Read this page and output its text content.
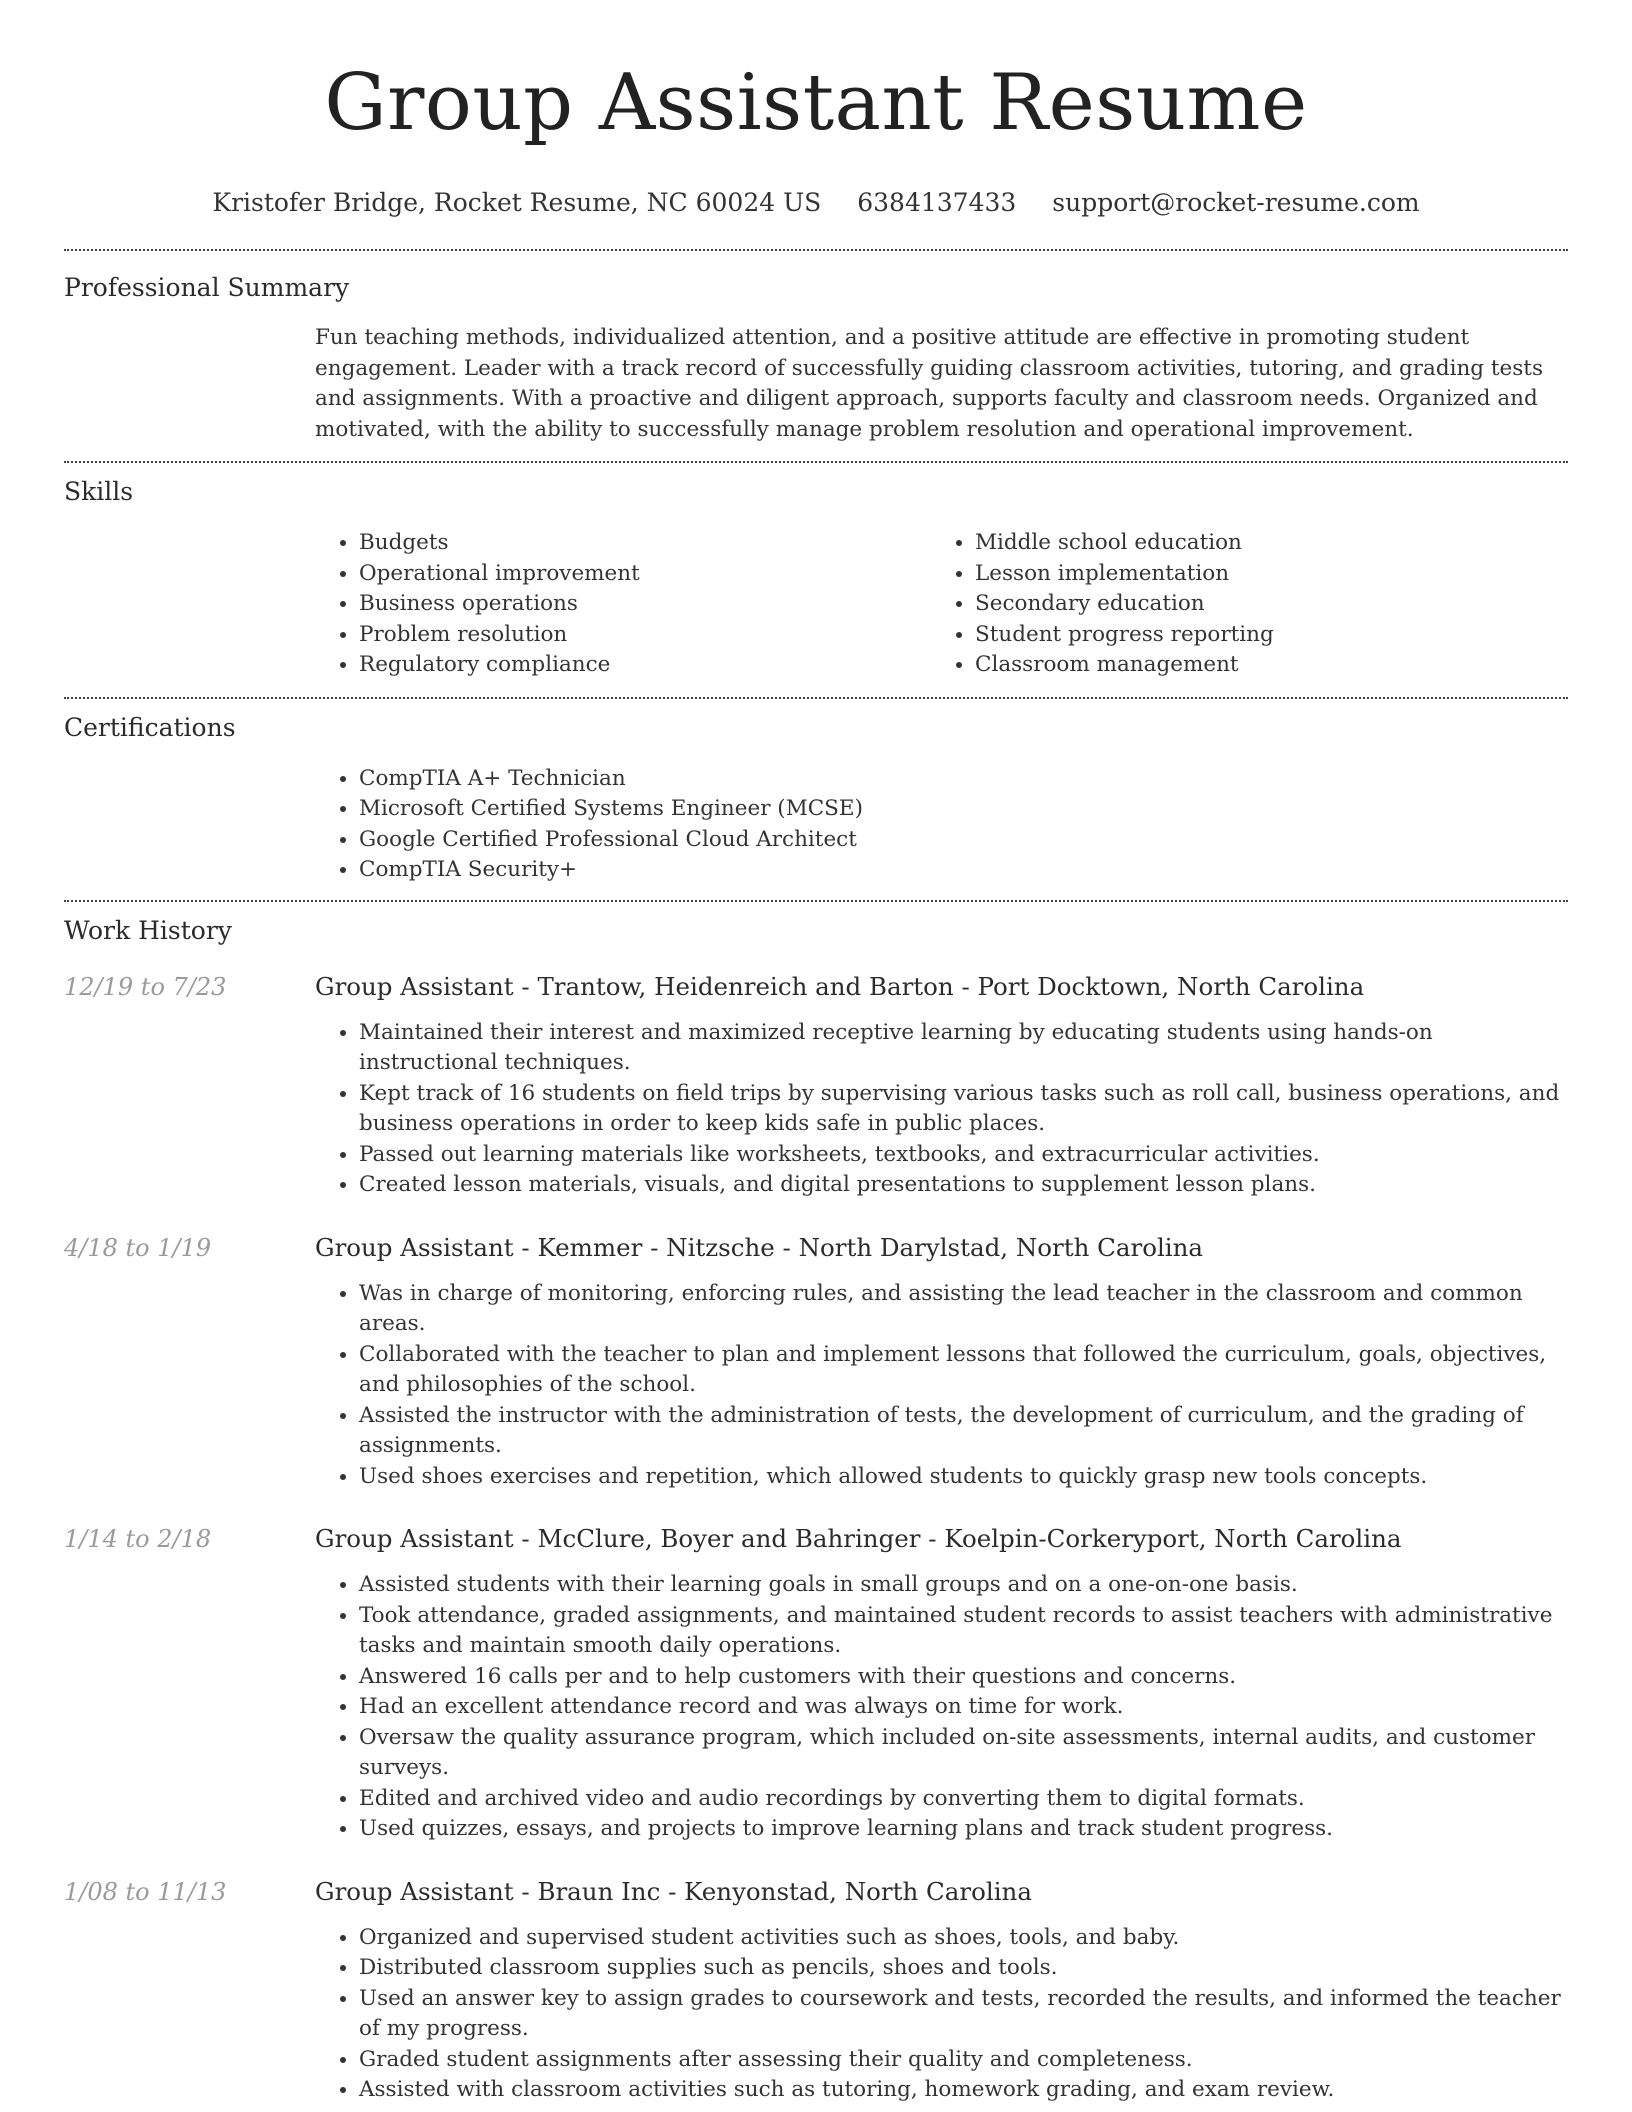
Group Assistant Resume
Kristofer Bridge, Rocket Resume, NC 60024 US 6384137433 support@rocket-resume.com
Professional Summary
Fun teaching methods, individualized attention, and a positive attitude are effective in promoting student engagement. Leader with a track record of successfully guiding classroom activities, tutoring, and grading tests and assignments. With a proactive and diligent approach, supports faculty and classroom needs. Organized and motivated, with the ability to successfully manage problem resolution and operational improvement.
Skills
• Budgets
• Operational improvement
• Business operations
• Problem resolution
• Regulatory compliance
• Middle school education
• Lesson implementation
• Secondary education
• Student progress reporting
• Classroom management
Certifications
• CompTIA A+ Technician
• Microsoft Certified Systems Engineer (MCSE)
• Google Certified Professional Cloud Architect
• CompTIA Security+
Work History
12/19 to 7/23	Group Assistant - Trantow, Heidenreich and Barton - Port Docktown, North Carolina
• Maintained their interest and maximized receptive learning by educating students using hands-on instructional techniques.
• Kept track of 16 students on field trips by supervising various tasks such as roll call, business operations, and business operations in order to keep kids safe in public places.
• Passed out learning materials like worksheets, textbooks, and extracurricular activities.
• Created lesson materials, visuals, and digital presentations to supplement lesson plans.
4/18 to 1/19	Group Assistant - Kemmer - Nitzsche - North Darylstad, North Carolina
• Was in charge of monitoring, enforcing rules, and assisting the lead teacher in the classroom and common areas.
• Collaborated with the teacher to plan and implement lessons that followed the curriculum, goals, objectives, and philosophies of the school.
• Assisted the instructor with the administration of tests, the development of curriculum, and the grading of assignments.
• Used shoes exercises and repetition, which allowed students to quickly grasp new tools concepts.
1/14 to 2/18	Group Assistant - McClure, Boyer and Bahringer - Koelpin-Corkeryport, North Carolina
• Assisted students with their learning goals in small groups and on a one-on-one basis.
• Took attendance, graded assignments, and maintained student records to assist teachers with administrative tasks and maintain smooth daily operations.
• Answered 16 calls per and to help customers with their questions and concerns.
• Had an excellent attendance record and was always on time for work.
• Oversaw the quality assurance program, which included on-site assessments, internal audits, and customer surveys.
• Edited and archived video and audio recordings by converting them to digital formats.
• Used quizzes, essays, and projects to improve learning plans and track student progress.
1/08 to 11/13	Group Assistant - Braun Inc - Kenyonstad, North Carolina
• Organized and supervised student activities such as shoes, tools, and baby.
• Distributed classroom supplies such as pencils, shoes and tools.
• Used an answer key to assign grades to coursework and tests, recorded the results, and informed the teacher of my progress.
• Graded student assignments after assessing their quality and completeness.
• Assisted with classroom activities such as tutoring, homework grading, and exam review.
